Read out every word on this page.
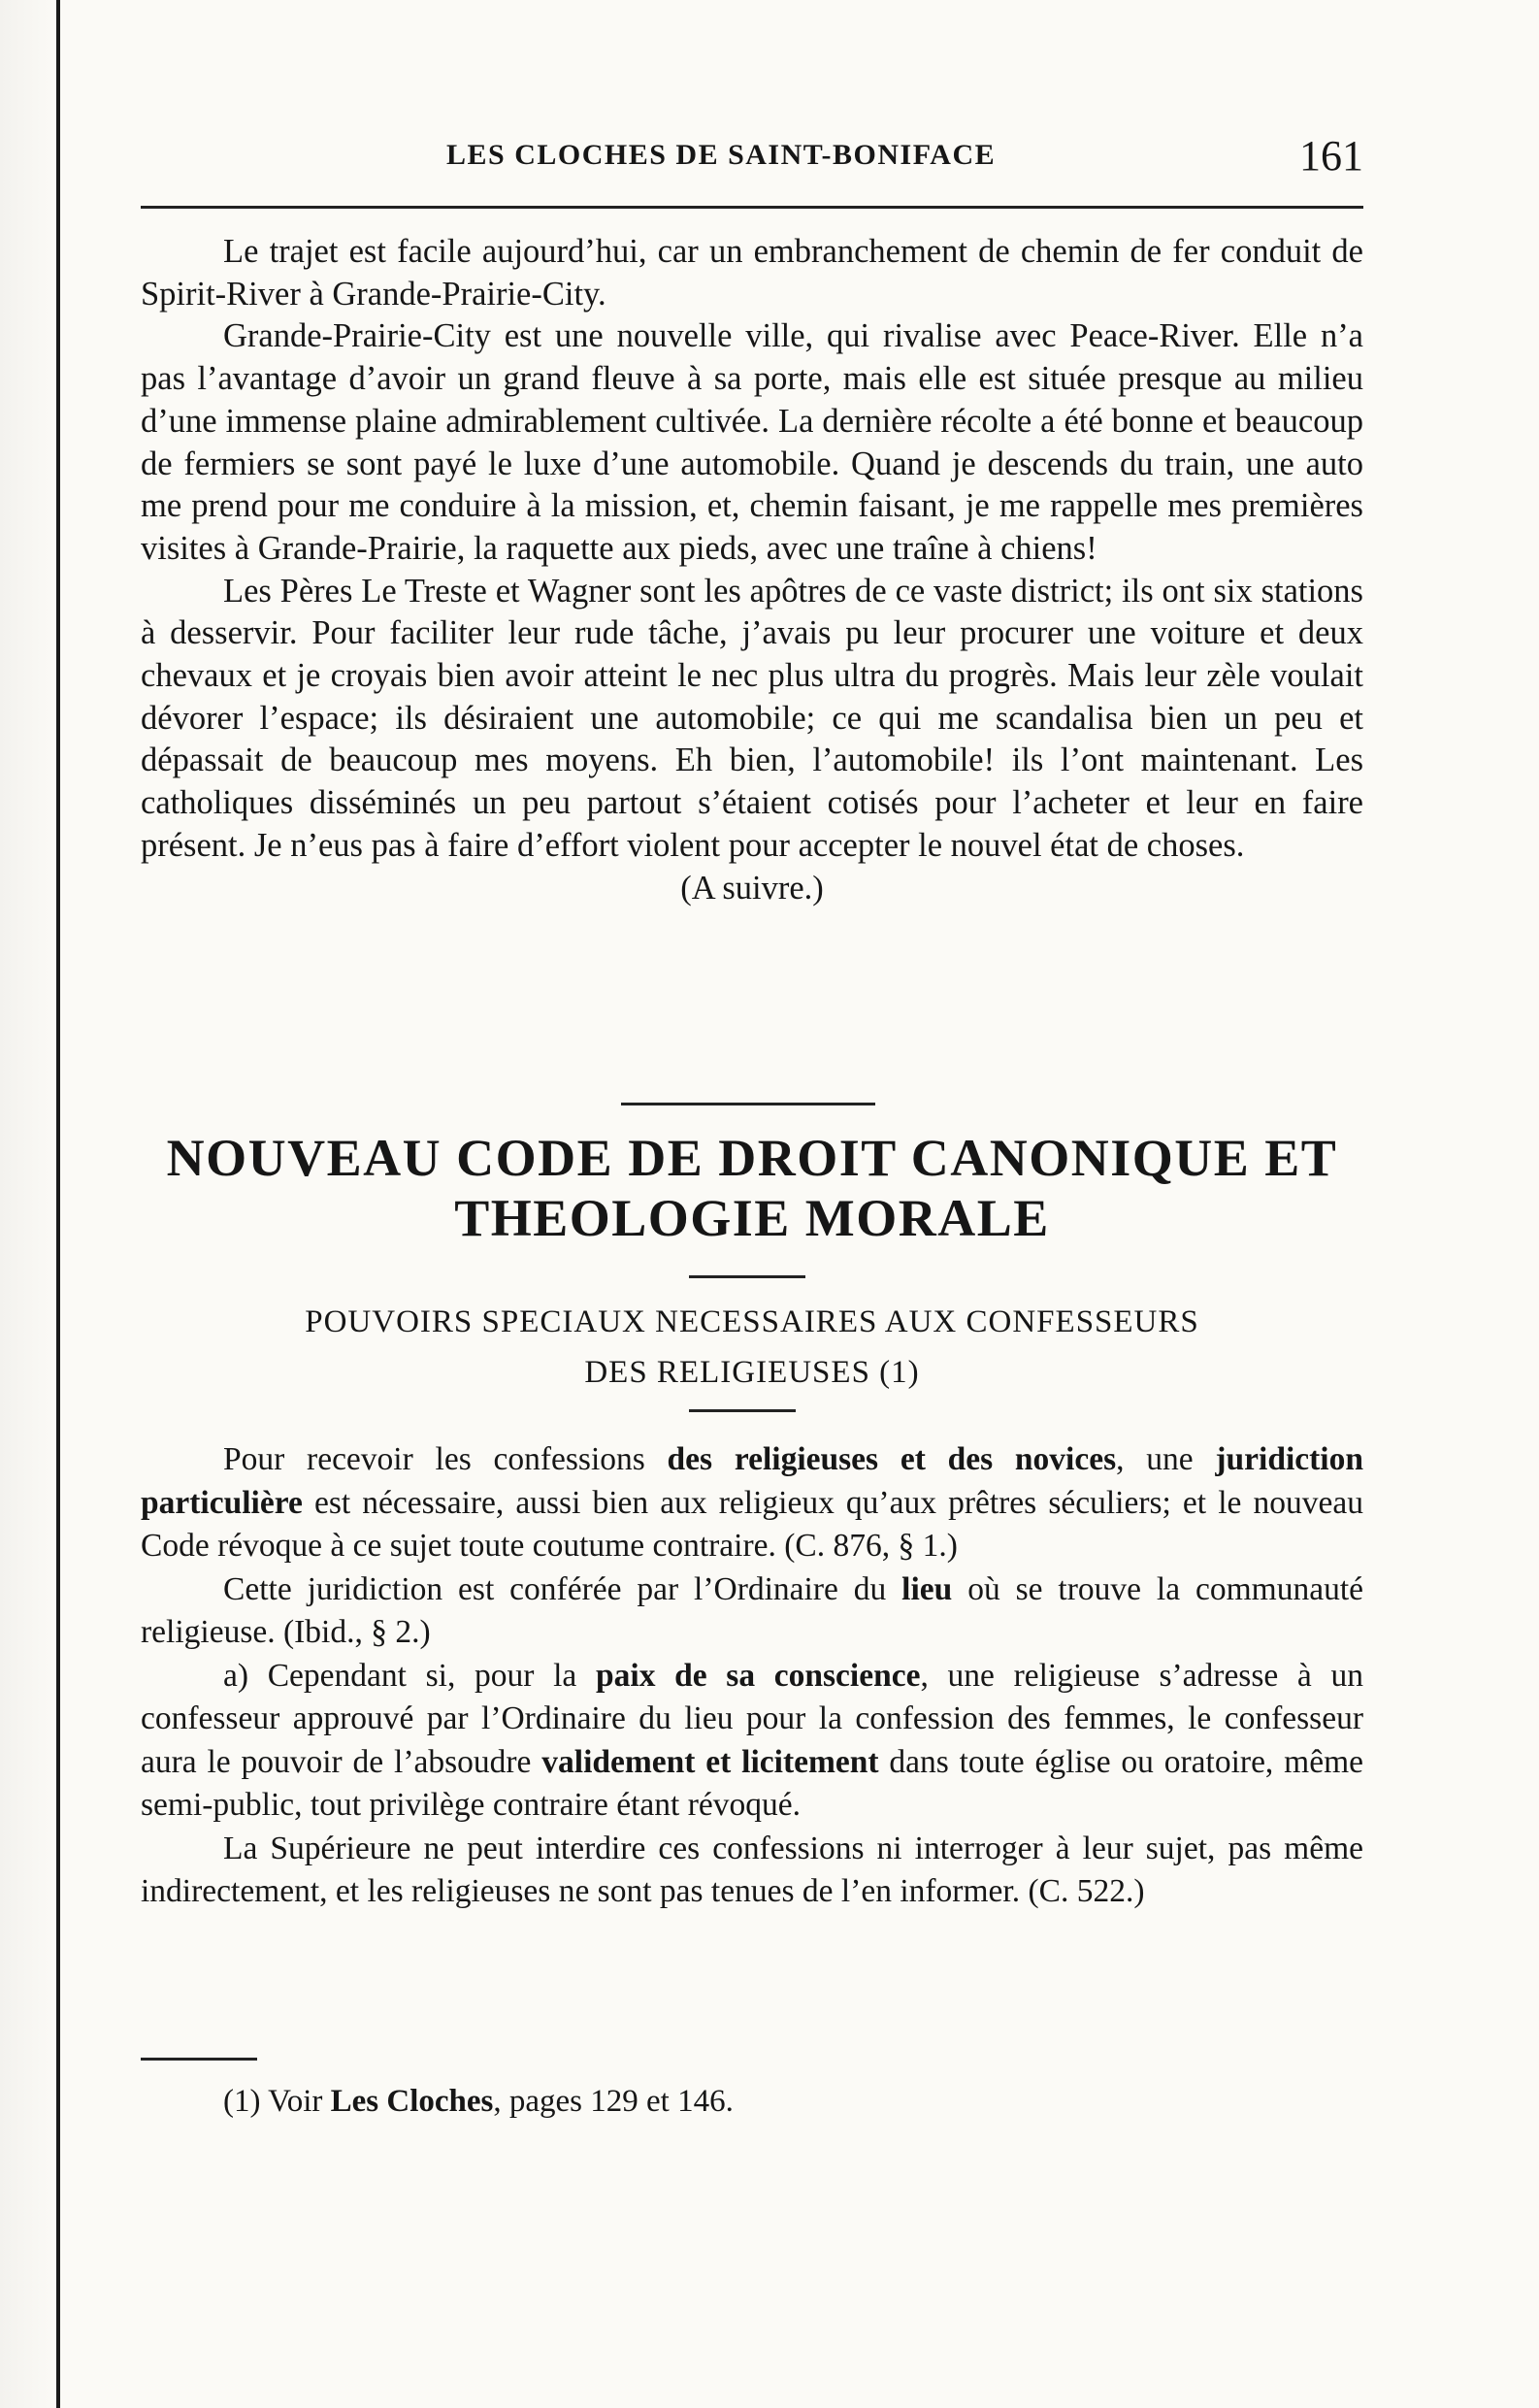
LES CLOCHES DE SAINT-BONIFACE	161

Le trajet est facile aujourd’hui, car un embranchement de chemin de fer conduit de Spirit-River à Grande-Prairie-City.

Grande-Prairie-City est une nouvelle ville, qui rivalise avec Peace-River. Elle n’a pas l’avantage d’avoir un grand fleuve à sa porte, mais elle est située presque au milieu d’une immense plaine admirablement cultivée. La dernière récolte a été bonne et beaucoup de fermiers se sont payé le luxe d’une automobile. Quand je descends du train, une auto me prend pour me conduire à la mission, et, chemin faisant, je me rappelle mes premières visites à Grande-Prairie, la raquette aux pieds, avec une traîne à chiens!

Les Pères Le Treste et Wagner sont les apôtres de ce vaste district; ils ont six stations à desservir. Pour faciliter leur rude tâche, j’avais pu leur procurer une voiture et deux chevaux et je croyais bien avoir atteint le nec plus ultra du progrès. Mais leur zèle voulait dévorer l’espace; ils désiraient une automobile; ce qui me scandalisa bien un peu et dépassait de beaucoup mes moyens. Eh bien, l’automobile! ils l’ont maintenant. Les catholiques disséminés un peu partout s’étaient cotisés pour l’acheter et leur en faire présent. Je n’eus pas à faire d’effort violent pour accepter le nouvel état de choses.

(A suivre.)
NOUVEAU CODE DE DROIT CANONIQUE ET
THEOLOGIE MORALE
POUVOIRS SPECIAUX NECESSAIRES AUX CONFESSEURS
DES RELIGIEUSES (1)

Pour recevoir les confessions des religieuses et des novices, une juridiction particulière est nécessaire, aussi bien aux religieux qu’aux prêtres séculiers; et le nouveau Code révoque à ce sujet toute coutume contraire. (C. 876, § 1.)

Cette juridiction est conférée par l’Ordinaire du lieu où se trouve la communauté religieuse. (Ibid., § 2.)

a) Cependant si, pour la paix de sa conscience, une religieuse s’adresse à un confesseur approuvé par l’Ordinaire du lieu pour la confession des femmes, le confesseur aura le pouvoir de l’absoudre validement et licitement dans toute église ou oratoire, même semi-public, tout privilège contraire étant révoqué.

La Supérieure ne peut interdire ces confessions ni interroger à leur sujet, pas même indirectement, et les religieuses ne sont pas tenues de l’en informer. (C. 522.)

(1) Voir Les Cloches, pages 129 et 146.
